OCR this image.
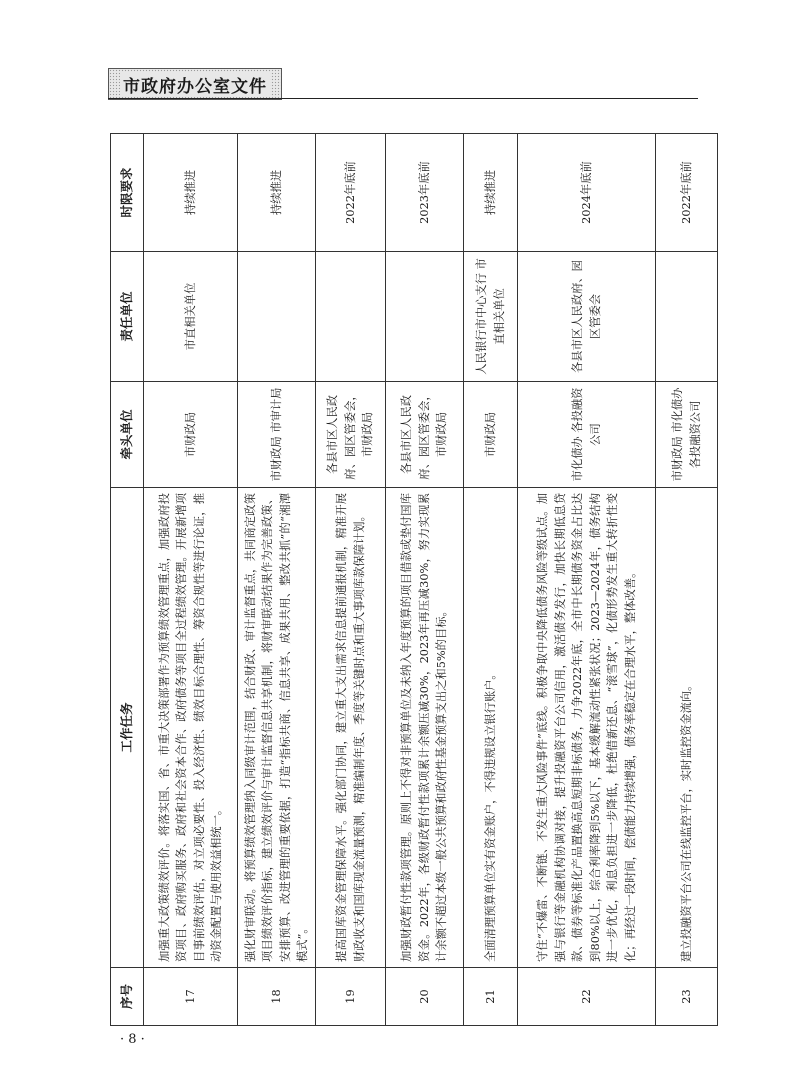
市政府办公室文件
序号	工作任务	牵头单位	责任单位	时限要求
17	加强重大政策绩效评价。将落实国、省、市重大决策部署作为预算绩效管理重点，加强政府投资项目、政府购买服务、政府和社会资本合作、政府债务等项目全过程绩效管理。开展新增项目事前绩效评估，对立项必要性、投入经济性、绩效目标合理性、筹资合规性等进行论证，推动资金配置与使用效益相统一。	市财政局	市直相关单位	持续推进
18	强化财审联动。将预算绩效管理纳入同级审计范围，结合财政、审计监督重点，共同商定政策项目绩效评价指标，建立绩效评价与审计监督信息共享机制，将财审联动结果作为完善政策、安排预算、改进管理的重要依据，打造“指标共商、信息共享、成果共用、整改共抓”的“湘潭模式”。	市财政局 市审计局		持续推进
19	提高国库资金管理保障水平。强化部门协同，建立重大支出需求信息提前通报机制，精准开展财政收支和国库现金流量预测，精准编制年度、季度等关键时点和重大事项库款保障计划。	各县市区人民政府、园区管委会，市财政局		2022年底前
20	加强财政暂付性款项管理。原则上不得对非预算单位及未纳入年度预算的项目借款或垫付国库资金。2022年，各级财政暂付性款项累计余额压减30%，2023年再压减30%，努力实现累计余额不超过本级一般公共预算和政府性基金预算支出之和5%的目标。	各县市区人民政府、园区管委会，市财政局		2023年底前
21	全面清理预算单位实有资金账户，不得违规设立银行账户。	市财政局	人民银行市中心支行 市直相关单位	持续推进
22	守住“不爆雷、不断链、不发生重大风险事件”底线。积极争取中央降低债务风险等级试点。加强与银行等金融机构协调对接，提升投融资平台公司信用，激活债务发行，加快长期低息贷款、债券等标准化产品置换高息短期非标债务，力争2022年底，全市中长期债务资金占比达到80%以上，综合利率降到5%以下，基本缓解流动性紧张状况；2023—2024年，债务结构进一步优化，利息负担进一步降低，杜绝借新还息、“滚雪球”，化债形势发生重大转折性变化；再经过一段时间，偿债能力持续增强，债务率稳定在合理水平，整体改善。	市化债办 各投融资公司	各县市区人民政府、园区管委会	2024年底前
23	建立投融资平台公司在线监控平台，实时监控资金流向。	市财政局 市化债办 各投融资公司		2022年底前
· 8 ·
